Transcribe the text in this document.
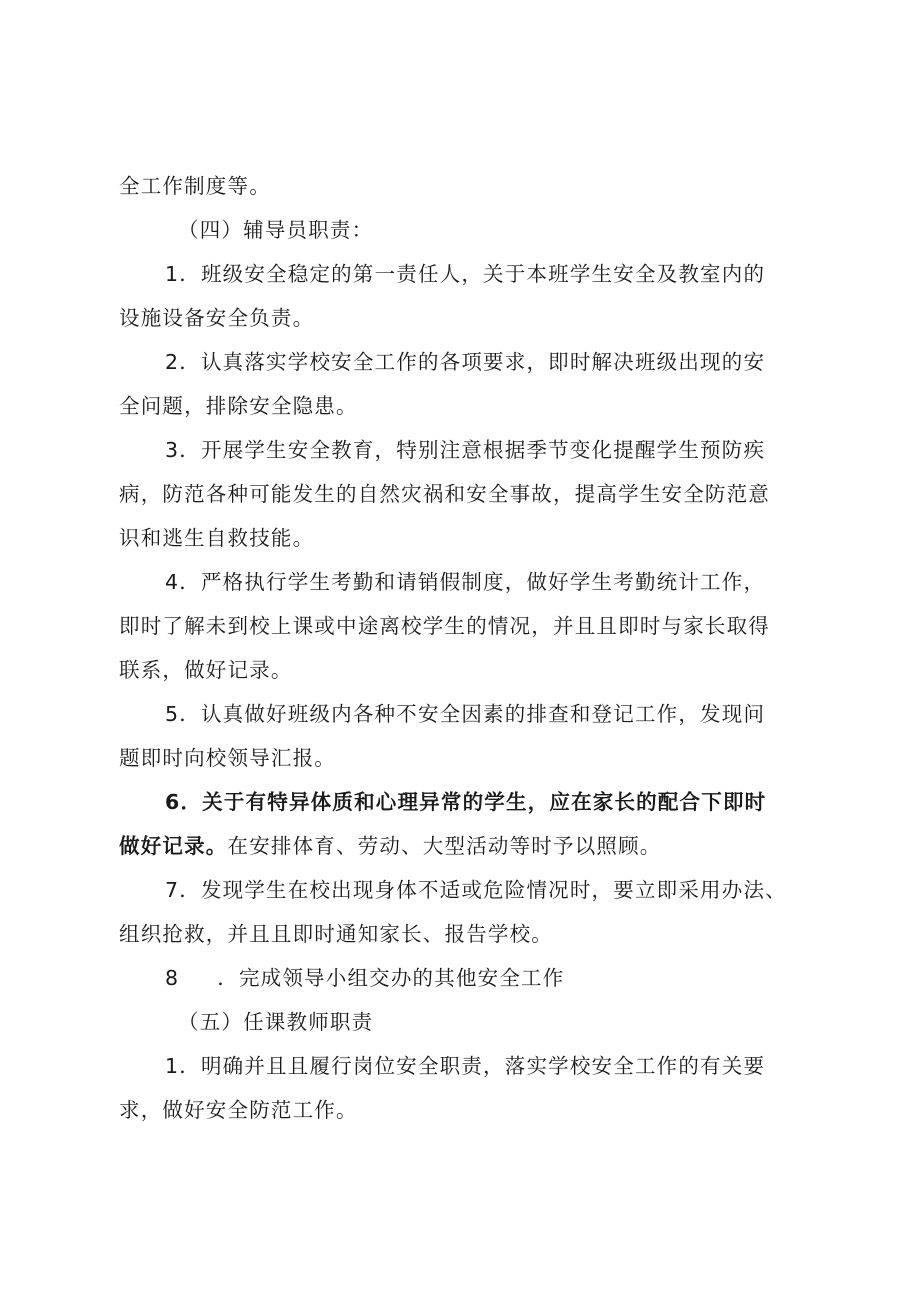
全工作制度等。
（四）辅导员职责：
1．班级安全稳定的第一责任人，关于本班学生安全及教室内的
设施设备安全负责。
2．认真落实学校安全工作的各项要求，即时解决班级出现的安
全问题，排除安全隐患。
3．开展学生安全教育，特别注意根据季节变化提醒学生预防疾
病，防范各种可能发生的自然灾祸和安全事故，提高学生安全防范意
识和逃生自救技能。
4．严格执行学生考勤和请销假制度，做好学生考勤统计工作，
即时了解未到校上课或中途离校学生的情况，并且且即时与家长取得
联系，做好记录。
5．认真做好班级内各种不安全因素的排查和登记工作，发现问
题即时向校领导汇报。
6．关于有特异体质和心理异常的学生，应在家长的配合下即时
做好记录。在安排体育、劳动、大型活动等时予以照顾。
7．发现学生在校出现身体不适或危险情况时，要立即采用办法、
组织抢救，并且且即时通知家长、报告学校。
8 ．完成领导小组交办的其他安全工作
（五）任课教师职责
1．明确并且且履行岗位安全职责，落实学校安全工作的有关要
求，做好安全防范工作。
